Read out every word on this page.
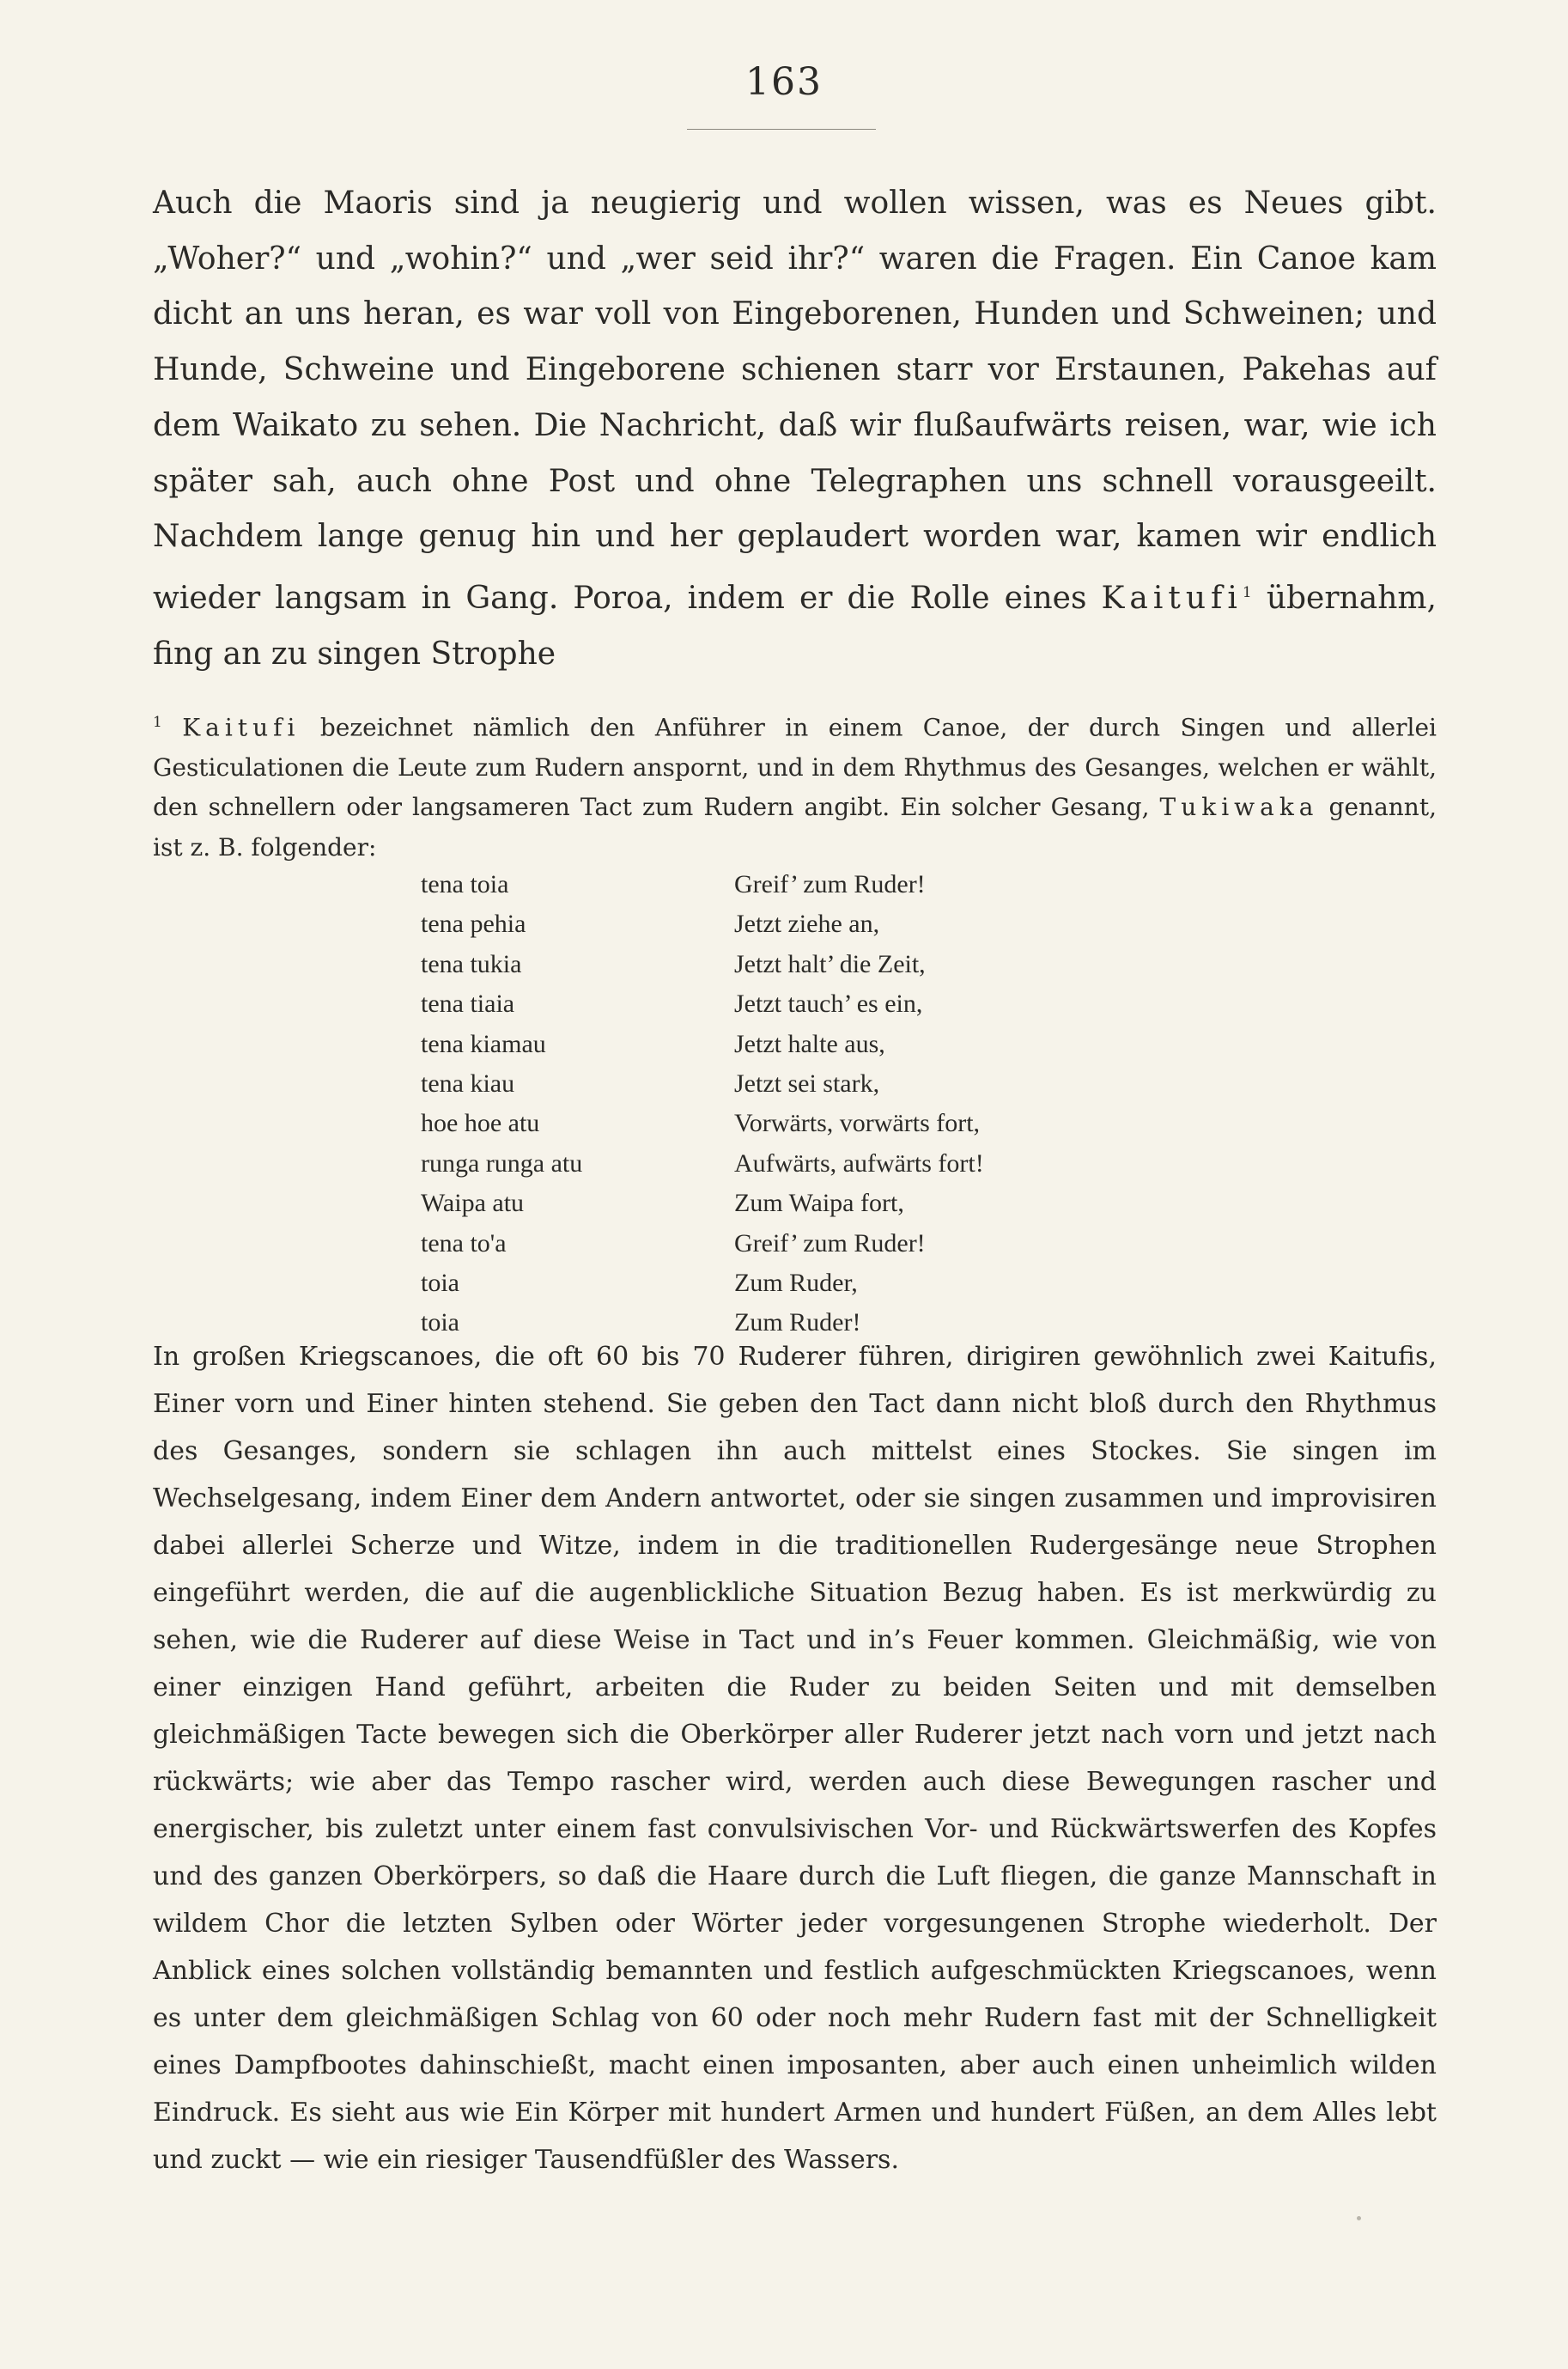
163
Auch die Maoris sind ja neugierig und wollen wissen, was es Neues gibt. „Woher?“ und „wohin?“ und „wer seid ihr?“ waren die Fragen. Ein Canoe kam dicht an uns heran, es war voll von Eingeborenen, Hunden und Schweinen; und Hunde, Schweine und Eingeborene schienen starr vor Erstaunen, Pakehas auf dem Waikato zu sehen. Die Nachricht, daß wir flußaufwärts reisen, war, wie ich später sah, auch ohne Post und ohne Telegraphen uns schnell vorausgeeilt. Nachdem lange genug hin und her geplaudert worden war, kamen wir endlich wieder langsam in Gang. Poroa, indem er die Rolle eines Kaitufi$^1$ übernahm, fing an zu singen Strophe
$^1$ Kaitufi bezeichnet nämlich den Anführer in einem Canoe, der durch Singen und allerlei Gesticulationen die Leute zum Rudern anspornt, und in dem Rhythmus des Gesanges, welchen er wählt, den schnellern oder langsameren Tact zum Rudern angibt. Ein solcher Gesang, Tukiwaka genannt, ist z. B. folgender:
tena toia	Greif’ zum Ruder!
tena pehia	Jetzt ziehe an,
tena tukia	Jetzt halt’ die Zeit,
tena tiaia	Jetzt tauch’ es ein,
tena kiamau	Jetzt halte aus,
tena kiau	Jetzt sei stark,
hoe hoe atu	Vorwärts, vorwärts fort,
runga runga atu	Aufwärts, aufwärts fort!
Waipa atu	Zum Waipa fort,
tena to'a	Greif’ zum Ruder!
toia	Zum Ruder,
toia	Zum Ruder!
In großen Kriegscanoes, die oft 60 bis 70 Ruderer führen, dirigiren gewöhnlich zwei Kaitufis, Einer vorn und Einer hinten stehend. Sie geben den Tact dann nicht bloß durch den Rhythmus des Gesanges, sondern sie schlagen ihn auch mittelst eines Stockes. Sie singen im Wechselgesang, indem Einer dem Andern antwortet, oder sie singen zusammen und improvisiren dabei allerlei Scherze und Witze, indem in die traditionellen Rudergesänge neue Strophen eingeführt werden, die auf die augenblickliche Situation Bezug haben. Es ist merkwürdig zu sehen, wie die Ruderer auf diese Weise in Tact und in’s Feuer kommen. Gleichmäßig, wie von einer einzigen Hand geführt, arbeiten die Ruder zu beiden Seiten und mit demselben gleichmäßigen Tacte bewegen sich die Oberkörper aller Ruderer jetzt nach vorn und jetzt nach rückwärts; wie aber das Tempo rascher wird, werden auch diese Bewegungen rascher und energischer, bis zuletzt unter einem fast convulsivischen Vor- und Rückwärtswerfen des Kopfes und des ganzen Oberkörpers, so daß die Haare durch die Luft fliegen, die ganze Mannschaft in wildem Chor die letzten Sylben oder Wörter jeder vorgesungenen Strophe wiederholt. Der Anblick eines solchen vollständig bemannten und festlich aufgeschmückten Kriegscanoes, wenn es unter dem gleichmäßigen Schlag von 60 oder noch mehr Rudern fast mit der Schnelligkeit eines Dampfbootes dahinschießt, macht einen imposanten, aber auch einen unheimlich wilden Eindruck. Es sieht aus wie Ein Körper mit hundert Armen und hundert Füßen, an dem Alles lebt und zuckt — wie ein riesiger Tausendfüßler des Wassers.
